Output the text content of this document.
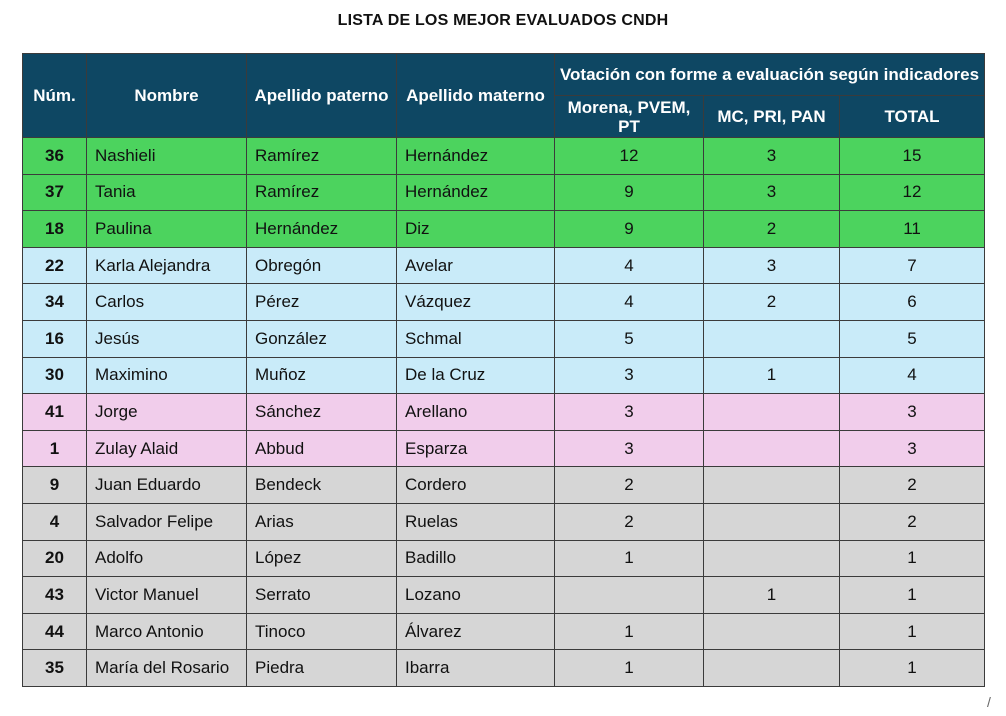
LISTA DE LOS MEJOR EVALUADOS CNDH
Núm.	Nombre	Apellido paterno	Apellido materno	Votación con forme a evaluación según indicadores		
				Morena, PVEM, PT	MC, PRI, PAN	TOTAL
36	Nashieli	Ramírez	Hernández	12	3	15
37	Tania	Ramírez	Hernández	9	3	12
18	Paulina	Hernández	Diz	9	2	11
22	Karla Alejandra	Obregón	Avelar	4	3	7
34	Carlos	Pérez	Vázquez	4	2	6
16	Jesús	González	Schmal	5		5
30	Maximino	Muñoz	De la Cruz	3	1	4
41	Jorge	Sánchez	Arellano	3		3
1	Zulay Alaid	Abbud	Esparza	3		3
9	Juan Eduardo	Bendeck	Cordero	2		2
4	Salvador Felipe	Arias	Ruelas	2		2
20	Adolfo	López	Badillo	1		1
43	Victor Manuel	Serrato	Lozano		1	1
44	Marco Antonio	Tinoco	Álvarez	1		1
35	María del Rosario	Piedra	Ibarra	1		1
/
